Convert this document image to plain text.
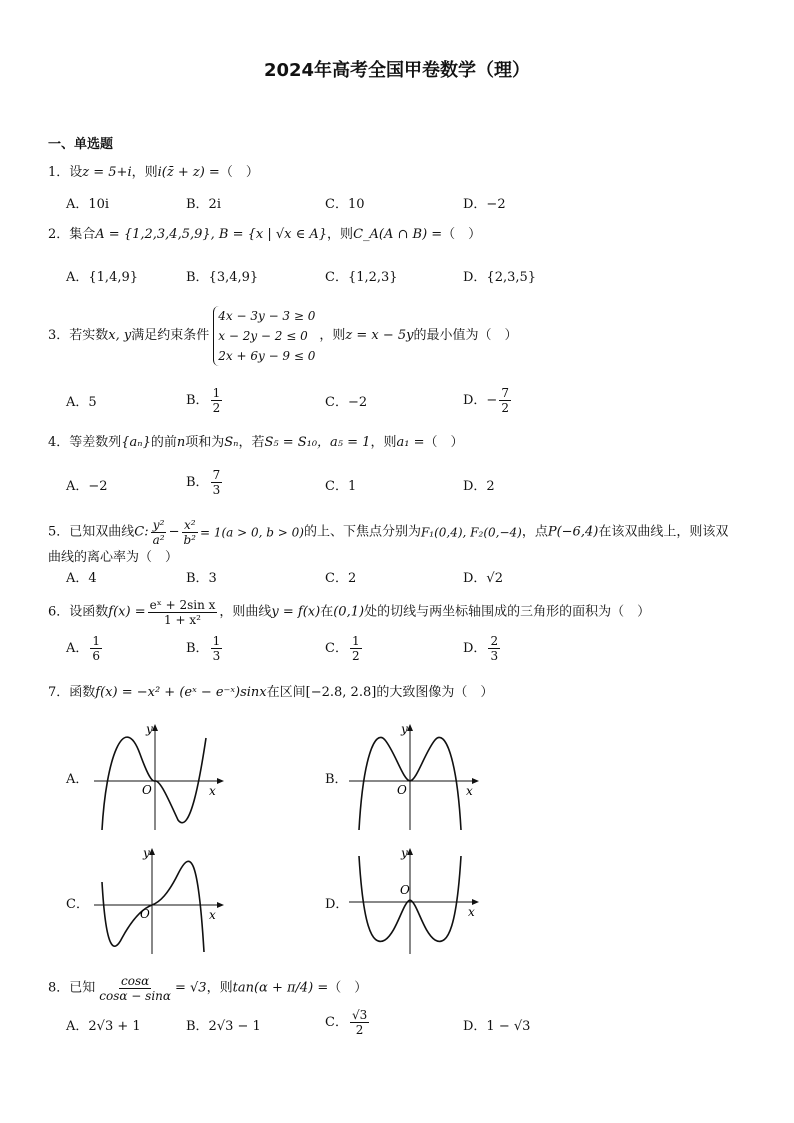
2024年高考全国甲卷数学（理）
一、单选题
1．设z = 5+i，则i(z̄ + z) =（　）
A．10i	B．2i	C．10	D．−2
2．集合A = {1,2,3,4,5,9}, B = {x | √x ∈ A}，则C_A(A ∩ B) =（　）
A．{1,4,9}	B．{3,4,9}	C．{1,2,3}	D．{2,3,5}
3．若实数x, y满足约束条件4x − 3y − 3 ≥ 0
x − 2y − 2 ≤ 0
2x + 6y − 9 ≤ 0，则z = x − 5y的最小值为（　）
A．5	B． $\frac{1}{2}$	C．−2	D．− $\frac{7}{2}$
4．等差数列{aₙ}的前n项和为Sₙ，若S₅ = S₁₀，a₅ = 1，则a₁ =（　）
A．−2	B． $\frac{7}{3}$	C．1	D．2
5．已知双曲线C: $\frac{\text{y²}}{\text{a²}} - \frac{\text{x²}}{\text{b²}} = 1(a > 0$, b > 0)的上、下焦点分别为F₁(0,4), F₂(0,−4)，点P(−6,4)在该双曲线上，则该双
曲线的离心率为（　）
A．4	B．3	C．2	D．√2
6．设函数$f(x) = \frac{\text{eˣ + 2sin x}}{\text{1 + x²}}$ ，则曲线y = f(x)在(0,1)处的切线与两坐标轴围成的三角形的面积为（　）
A． $\frac{1}{6}$	B． $\frac{1}{3}$	C． $\frac{1}{2}$	D． $\frac{2}{3}$
7．函数f(x) = −x² + (eˣ − e⁻ˣ)sinx在区间[−2.8, 2.8]的大致图像为（　）
A．
x
y
O
B．
x
y
O
C．
x
y
O
D．	x
y
O
8．已知 $\frac{\cos\alpha}{\cos\alpha - \sin\alpha} = √3$，则tan(α + π/4) =（　）
A．2√3 + 1	B．2√3 − 1	C． $\frac{√3}{2}$	D．1 − √3
